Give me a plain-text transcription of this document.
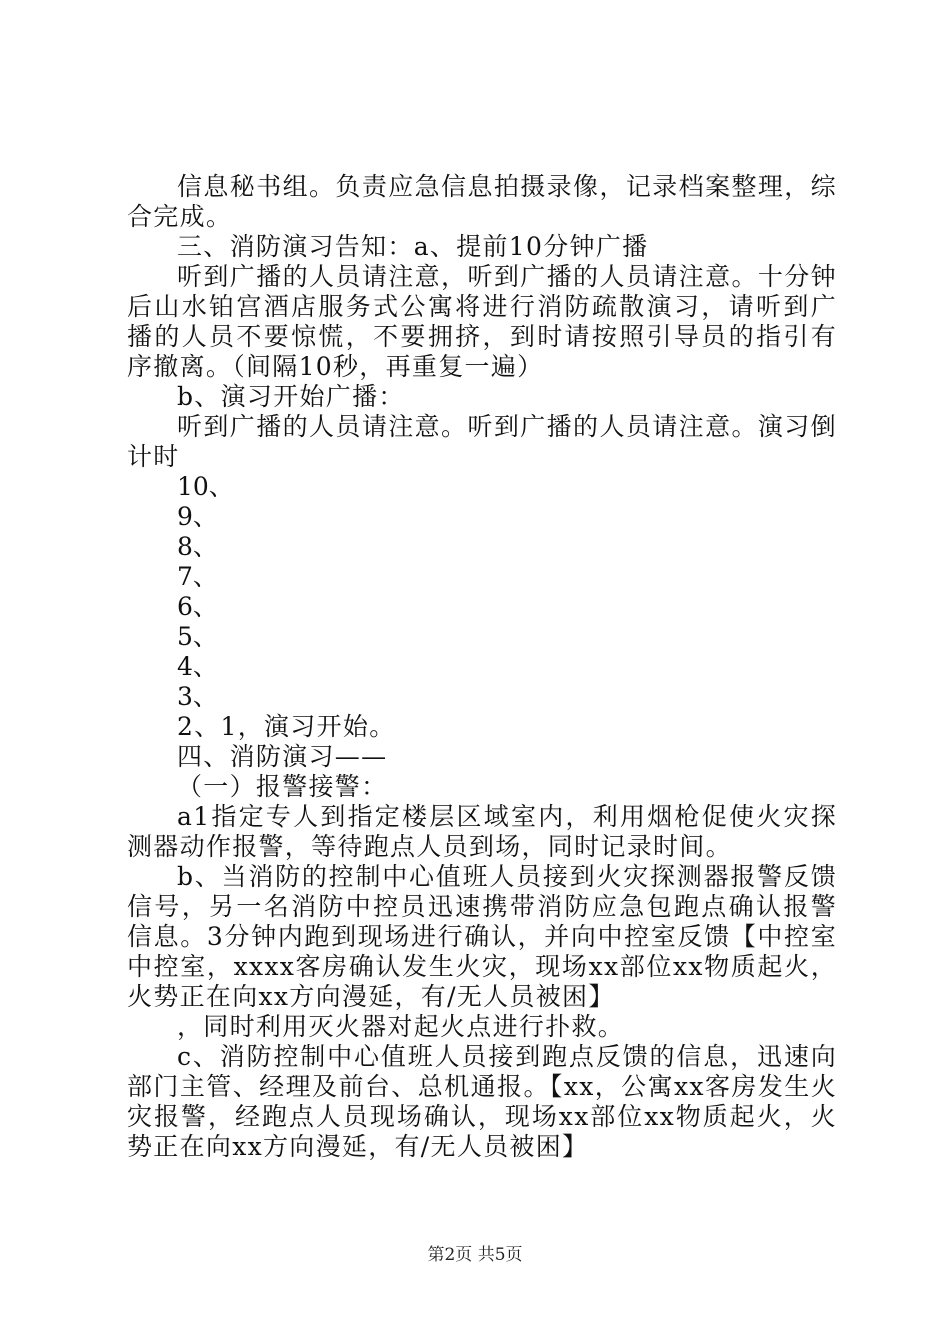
信息秘书组。负责应急信息拍摄录像，记录档案整理，综合完成。

三、消防演习告知：a、提前10分钟广播

听到广播的人员请注意，听到广播的人员请注意。十分钟后山水铂宫酒店服务式公寓将进行消防疏散演习，请听到广播的人员不要惊慌，不要拥挤，到时请按照引导员的指引有序撤离。（间隔10秒，再重复一遍）

b、演习开始广播：

听到广播的人员请注意。听到广播的人员请注意。演习倒计时

10、

9、

8、

7、

6、

5、

4、

3、

2、1，演习开始。

四、消防演习——

（一）报警接警：

a1指定专人到指定楼层区域室内，利用烟枪促使火灾探测器动作报警，等待跑点人员到场，同时记录时间。

b、当消防的控制中心值班人员接到火灾探测器报警反馈信号，另一名消防中控员迅速携带消防应急包跑点确认报警信息。3分钟内跑到现场进行确认，并向中控室反馈【中控室中控室，xxxx客房确认发生火灾，现场xx部位xx物质起火，火势正在向xx方向漫延，有/无人员被困】

，同时利用灭火器对起火点进行扑救。

c、消防控制中心值班人员接到跑点反馈的信息，迅速向部门主管、经理及前台、总机通报。【xx，公寓xx客房发生火灾报警，经跑点人员现场确认，现场xx部位xx物质起火，火势正在向xx方向漫延，有/无人员被困】

第2页 共5页
